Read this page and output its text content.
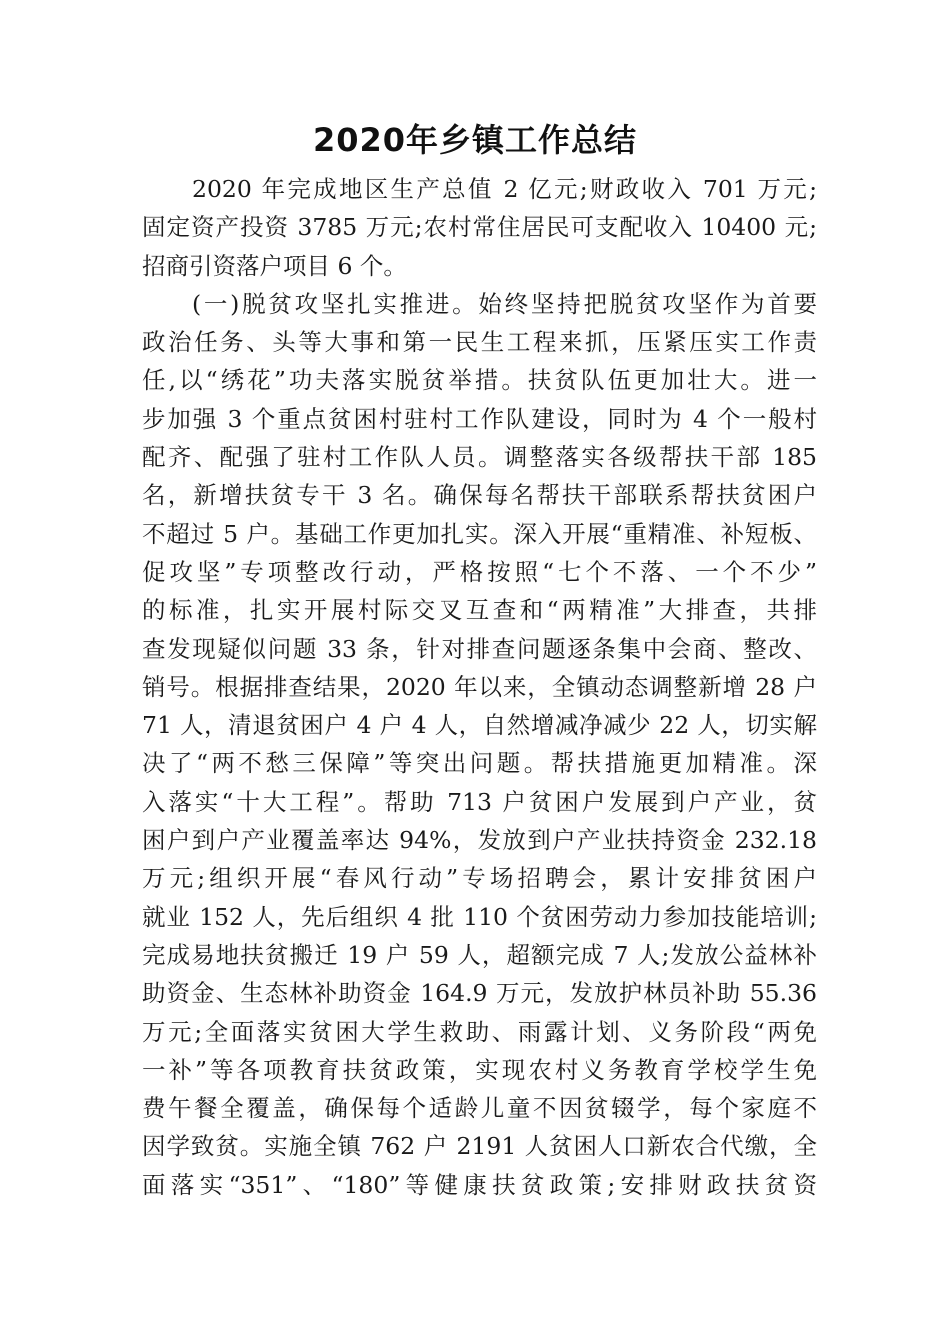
2020年乡镇工作总结
2020 年完成地区生产总值 2 亿元;财政收入 701 万元;
固定资产投资 3785 万元;农村常住居民可支配收入 10400 元;
招商引资落户项目 6 个。
(一)脱贫攻坚扎实推进。始终坚持把脱贫攻坚作为首要
政治任务、头等大事和第一民生工程来抓，压紧压实工作责
任,以“绣花”功夫落实脱贫举措。扶贫队伍更加壮大。进一
步加强 3 个重点贫困村驻村工作队建设，同时为 4 个一般村
配齐、配强了驻村工作队人员。调整落实各级帮扶干部 185
名，新增扶贫专干 3 名。确保每名帮扶干部联系帮扶贫困户
不超过 5 户。基础工作更加扎实。深入开展“重精准、补短板、
促攻坚”专项整改行动，严格按照“七个不落、一个不少”
的标准，扎实开展村际交叉互查和“两精准”大排查，共排
查发现疑似问题 33 条，针对排查问题逐条集中会商、整改、
销号。根据排查结果，2020 年以来，全镇动态调整新增 28 户
71 人，清退贫困户 4 户 4 人，自然增减净减少 22 人，切实解
决了“两不愁三保障”等突出问题。帮扶措施更加精准。深
入落实“十大工程”。帮助 713 户贫困户发展到户产业，贫
困户到户产业覆盖率达 94%，发放到户产业扶持资金 232.18
万元;组织开展“春风行动”专场招聘会，累计安排贫困户
就业 152 人，先后组织 4 批 110 个贫困劳动力参加技能培训;
完成易地扶贫搬迁 19 户 59 人，超额完成 7 人;发放公益林补
助资金、生态林补助资金 164.9 万元，发放护林员补助 55.36
万元;全面落实贫困大学生救助、雨露计划、义务阶段“两免
一补”等各项教育扶贫政策，实现农村义务教育学校学生免
费午餐全覆盖，确保每个适龄儿童不因贫辍学，每个家庭不
因学致贫。实施全镇 762 户 2191 人贫困人口新农合代缴，全
面落实“351”、“180”等健康扶贫政策;安排财政扶贫资
